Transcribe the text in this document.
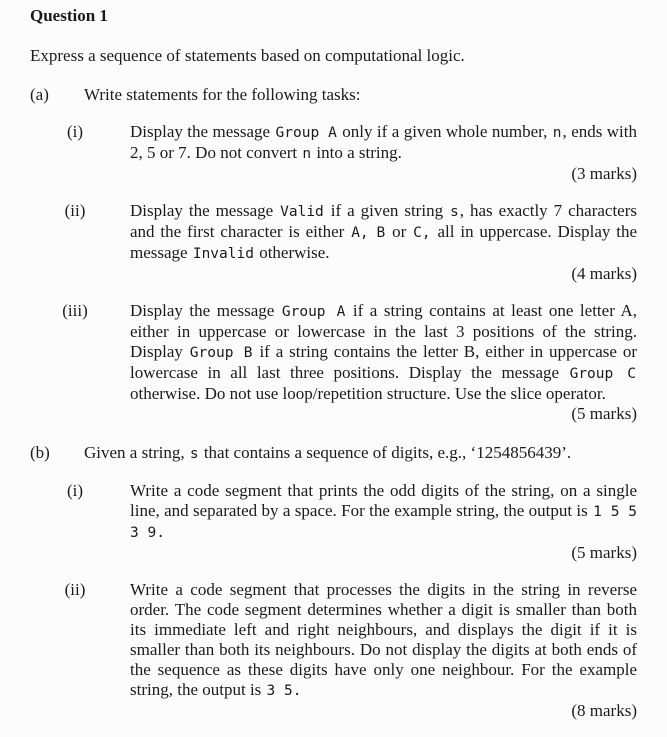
Question 1

Express a sequence of statements based on computational logic.

(a)	Write statements for the following tasks:
(i)	Display the message Group A only if a given whole number, n, ends with 2, 5 or 7. Do not convert n into a string.

(3 marks)
(ii)	Display the message Valid if a given string s, has exactly 7 characters and the first character is either A, B or C, all in uppercase. Display the message Invalid otherwise.

(4 marks)
(iii)	Display the message Group A if a string contains at least one letter A, either in uppercase or lowercase in the last 3 positions of the string. Display Group B if a string contains the letter B, either in uppercase or lowercase in all last three positions. Display the message Group C otherwise. Do not use loop/repetition structure. Use the slice operator.

(5 marks)
(b)	Given a string, s that contains a sequence of digits, e.g., ‘1254856439’.
(i)	Write a code segment that prints the odd digits of the string, on a single line, and separated by a space. For the example string, the output is 1 5 5 3 9.

(5 marks)
(ii)	Write a code segment that processes the digits in the string in reverse order. The code segment determines whether a digit is smaller than both its immediate left and right neighbours, and displays the digit if it is smaller than both its neighbours. Do not display the digits at both ends of the sequence as these digits have only one neighbour. For the example string, the output is 3 5.

(8 marks)
